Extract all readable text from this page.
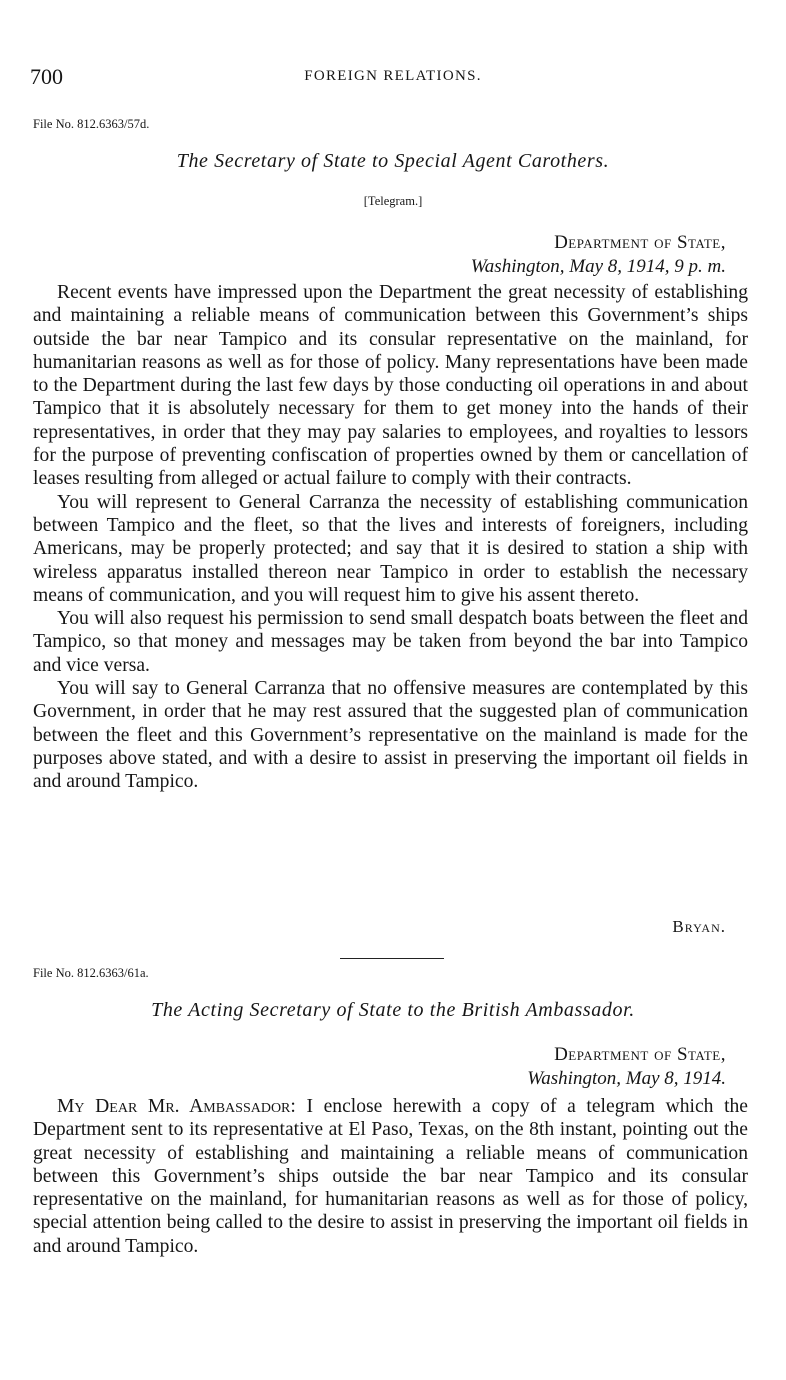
700	FOREIGN RELATIONS.
File No. 812.6363/57d.
The Secretary of State to Special Agent Carothers.
[Telegram.]
Department of State,
Washington, May 8, 1914, 9 p. m.

Recent events have impressed upon the Department the great necessity of establishing and maintaining a reliable means of communication between this Government’s ships outside the bar near Tampico and its consular representative on the mainland, for humanitarian reasons as well as for those of policy. Many representations have been made to the Department during the last few days by those conducting oil operations in and about Tampico that it is absolutely necessary for them to get money into the hands of their representatives, in order that they may pay salaries to employees, and royalties to lessors for the purpose of preventing confiscation of properties owned by them or cancellation of leases resulting from alleged or actual failure to comply with their contracts.

You will represent to General Carranza the necessity of establishing communication between Tampico and the fleet, so that the lives and interests of foreigners, including Americans, may be properly protected; and say that it is desired to station a ship with wireless apparatus installed thereon near Tampico in order to establish the necessary means of communication, and you will request him to give his assent thereto.

You will also request his permission to send small despatch boats between the fleet and Tampico, so that money and messages may be taken from beyond the bar into Tampico and vice versa.

You will say to General Carranza that no offensive measures are contemplated by this Government, in order that he may rest assured that the suggested plan of communication between the fleet and this Government’s representative on the mainland is made for the purposes above stated, and with a desire to assist in preserving the important oil fields in and around Tampico.

Bryan.
File No. 812.6363/61a.
The Acting Secretary of State to the British Ambassador.
Department of State,
Washington, May 8, 1914.

My Dear Mr. Ambassador: I enclose herewith a copy of a telegram which the Department sent to its representative at El Paso, Texas, on the 8th instant, pointing out the great necessity of establishing and maintaining a reliable means of communication between this Government’s ships outside the bar near Tampico and its consular representative on the mainland, for humanitarian reasons as well as for those of policy, special attention being called to the desire to assist in preserving the important oil fields in and around Tampico.
